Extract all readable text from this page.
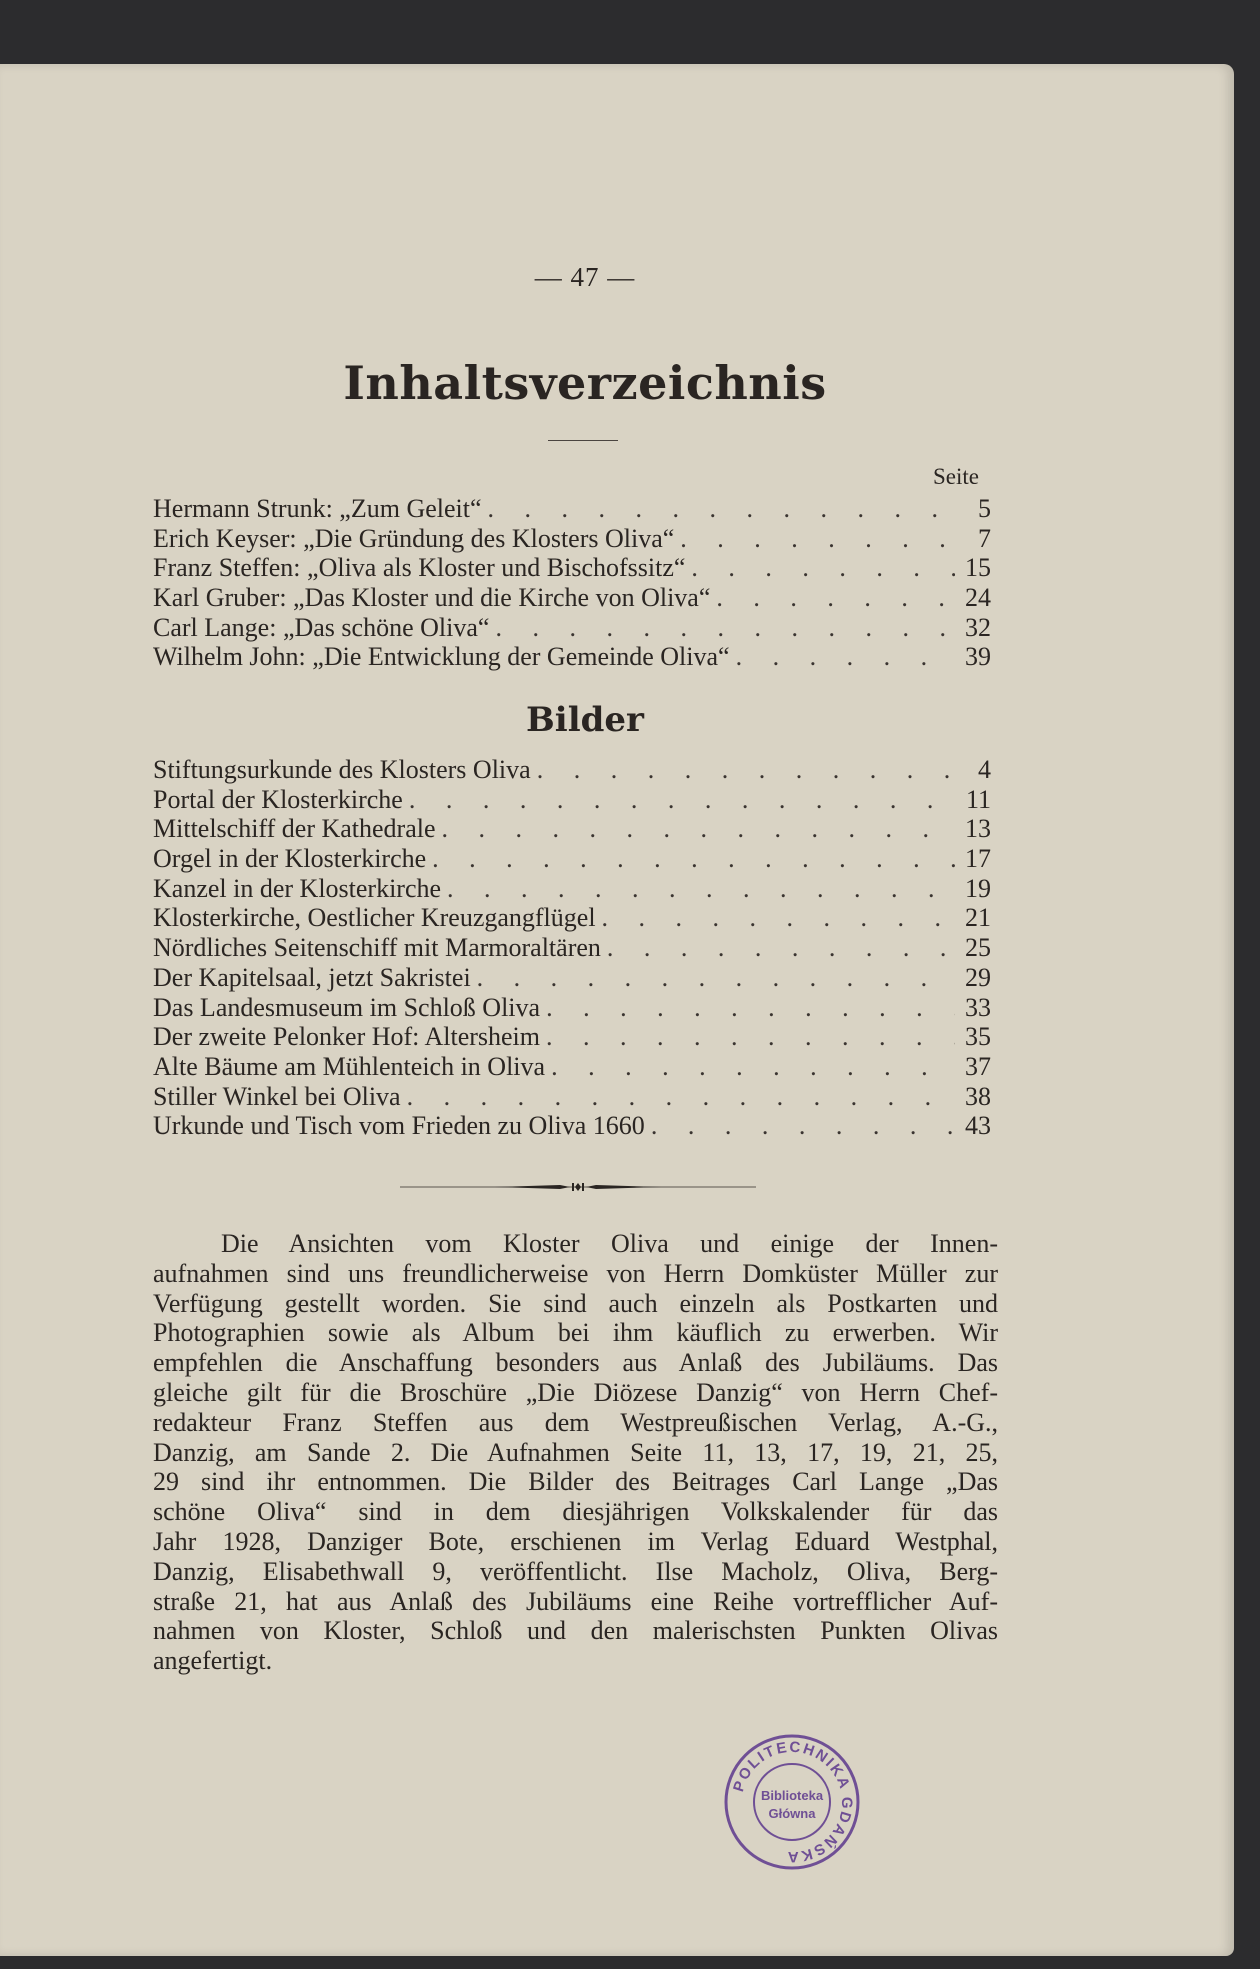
— 47 —
Inhaltsverzeichnis
Seite
Hermann Strunk: „Zum Geleit“ . . .	5
Erich Keyser: „Die Gründung des Klosters Oliva“ . . .	7
Franz Steffen: „Oliva als Kloster und Bischofssitz“ . . .	15
Karl Gruber: „Das Kloster und die Kirche von Oliva“ . . .	24
Carl Lange: „Das schöne Oliva“ . . .	32
Wilhelm John: „Die Entwicklung der Gemeinde Oliva“ . . .	39
Bilder
Stiftungsurkunde des Klosters Oliva . . .	4
Portal der Klosterkirche . . .	11
Mittelschiff der Kathedrale . . .	13
Orgel in der Klosterkirche . . .	17
Kanzel in der Klosterkirche . . .	19
Klosterkirche, Oestlicher Kreuzgangflügel . . .	21
Nördliches Seitenschiff mit Marmoraltären . . .	25
Der Kapitelsaal, jetzt Sakristei . . .	29
Das Landesmuseum im Schloß Oliva . . .	33
Der zweite Pelonker Hof: Altersheim . . .	35
Alte Bäume am Mühlenteich in Oliva . . .	37
Stiller Winkel bei Oliva . . .	38
Urkunde und Tisch vom Frieden zu Oliva 1660 . . .	43
Die Ansichten vom Kloster Oliva und einige der Innen-
aufnahmen sind uns freundlicherweise von Herrn Domküster Müller zur
Verfügung gestellt worden. Sie sind auch einzeln als Postkarten und
Photographien sowie als Album bei ihm käuflich zu erwerben. Wir
empfehlen die Anschaffung besonders aus Anlaß des Jubiläums. Das
gleiche gilt für die Broschüre „Die Diözese Danzig“ von Herrn Chef-
redakteur Franz Steffen aus dem Westpreußischen Verlag, A.-G.,
Danzig, am Sande 2. Die Aufnahmen Seite 11, 13, 17, 19, 21, 25,
29 sind ihr entnommen. Die Bilder des Beitrages Carl Lange „Das
schöne Oliva“ sind in dem diesjährigen Volkskalender für das
Jahr 1928, Danziger Bote, erschienen im Verlag Eduard Westphal,
Danzig, Elisabethwall 9, veröffentlicht. Ilse Macholz, Oliva, Berg-
straße 21, hat aus Anlaß des Jubiläums eine Reihe vortrefflicher Auf-
nahmen von Kloster, Schloß und den malerischsten Punkten Olivas
angefertigt.
POLITECHNIKA GDAŃSKA
Biblioteka
Główna
